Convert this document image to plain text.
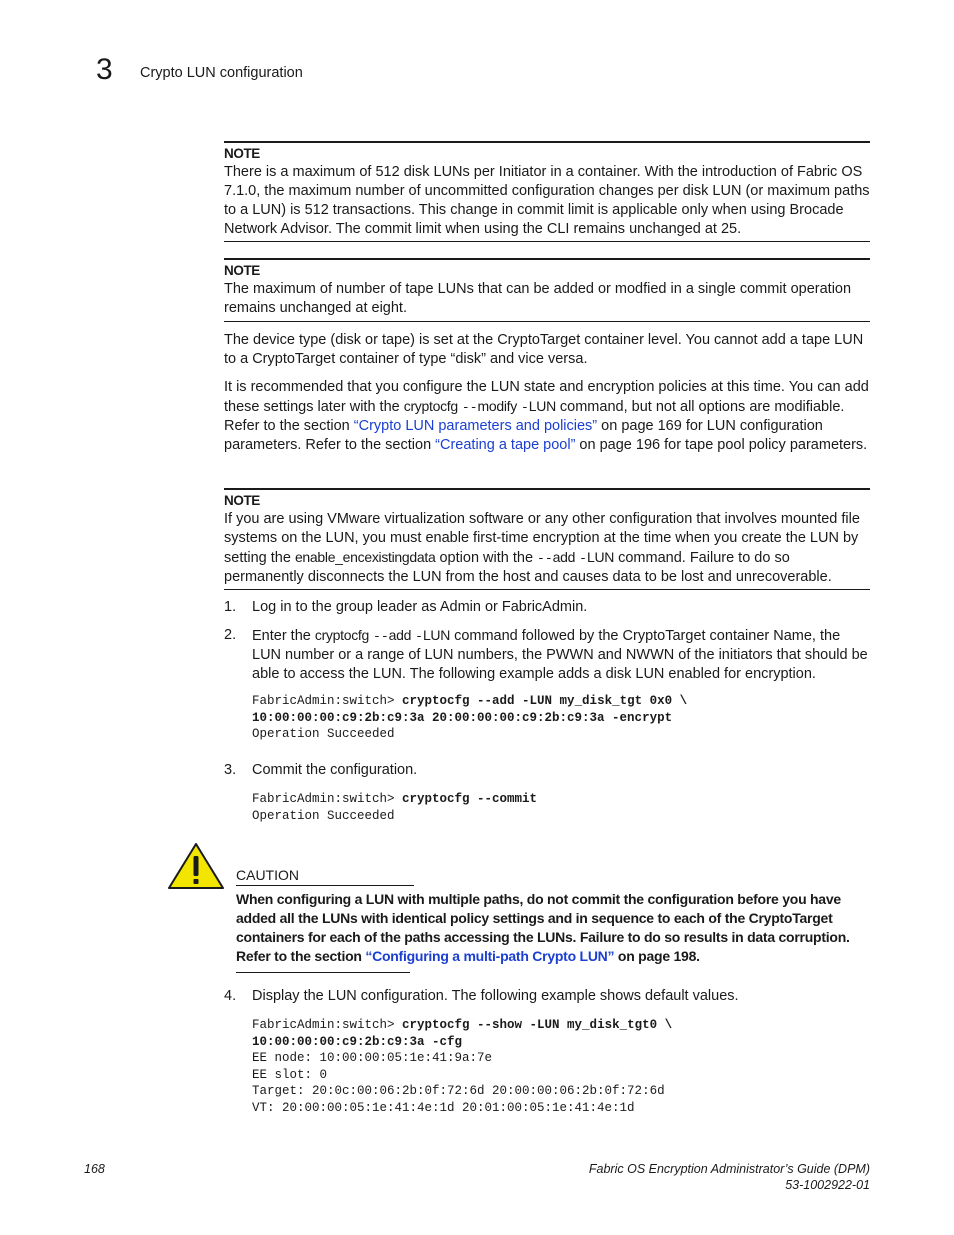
3 Crypto LUN configuration
NOTE
There is a maximum of 512 disk LUNs per Initiator in a container. With the introduction of Fabric OS 7.1.0, the maximum number of uncommitted configuration changes per disk LUN (or maximum paths to a LUN) is 512 transactions. This change in commit limit is applicable only when using Brocade Network Advisor. The commit limit when using the CLI remains unchanged at 25.
NOTE
The maximum of number of tape LUNs that can be added or modfied in a single commit operation remains unchanged at eight.
The device type (disk or tape) is set at the CryptoTarget container level. You cannot add a tape LUN to a CryptoTarget container of type “disk” and vice versa.
It is recommended that you configure the LUN state and encryption policies at this time. You can add these settings later with the cryptocfg --modify -LUN command, but not all options are modifiable. Refer to the section “Crypto LUN parameters and policies” on page 169 for LUN configuration parameters. Refer to the section “Creating a tape pool” on page 196 for tape pool policy parameters.
NOTE
If you are using VMware virtualization software or any other configuration that involves mounted file systems on the LUN, you must enable first-time encryption at the time when you create the LUN by setting the enable_encexistingdata option with the --add -LUN command. Failure to do so permanently disconnects the LUN from the host and causes data to be lost and unrecoverable.
1.	Log in to the group leader as Admin or FabricAdmin.
2.	Enter the cryptocfg --add -LUN command followed by the CryptoTarget container Name, the LUN number or a range of LUN numbers, the PWWN and NWWN of the initiators that should be able to access the LUN. The following example adds a disk LUN enabled for encryption.
FabricAdmin:switch> cryptocfg --add -LUN my_disk_tgt 0x0 \
10:00:00:00:c9:2b:c9:3a 20:00:00:00:c9:2b:c9:3a -encrypt
Operation Succeeded
3.	Commit the configuration.
FabricAdmin:switch> cryptocfg --commit
Operation Succeeded
CAUTION
When configuring a LUN with multiple paths, do not commit the configuration before you have added all the LUNs with identical policy settings and in sequence to each of the CryptoTarget containers for each of the paths accessing the LUNs. Failure to do so results in data corruption. Refer to the section “Configuring a multi-path Crypto LUN” on page 198.
4.	Display the LUN configuration. The following example shows default values.
FabricAdmin:switch> cryptocfg --show -LUN my_disk_tgt0 \
10:00:00:00:c9:2b:c9:3a -cfg
EE node: 10:00:00:05:1e:41:9a:7e
EE slot: 0
Target: 20:0c:00:06:2b:0f:72:6d 20:00:00:06:2b:0f:72:6d
VT: 20:00:00:05:1e:41:4e:1d 20:01:00:05:1e:41:4e:1d
168	Fabric OS Encryption Administrator’s Guide (DPM)
53-1002922-01
